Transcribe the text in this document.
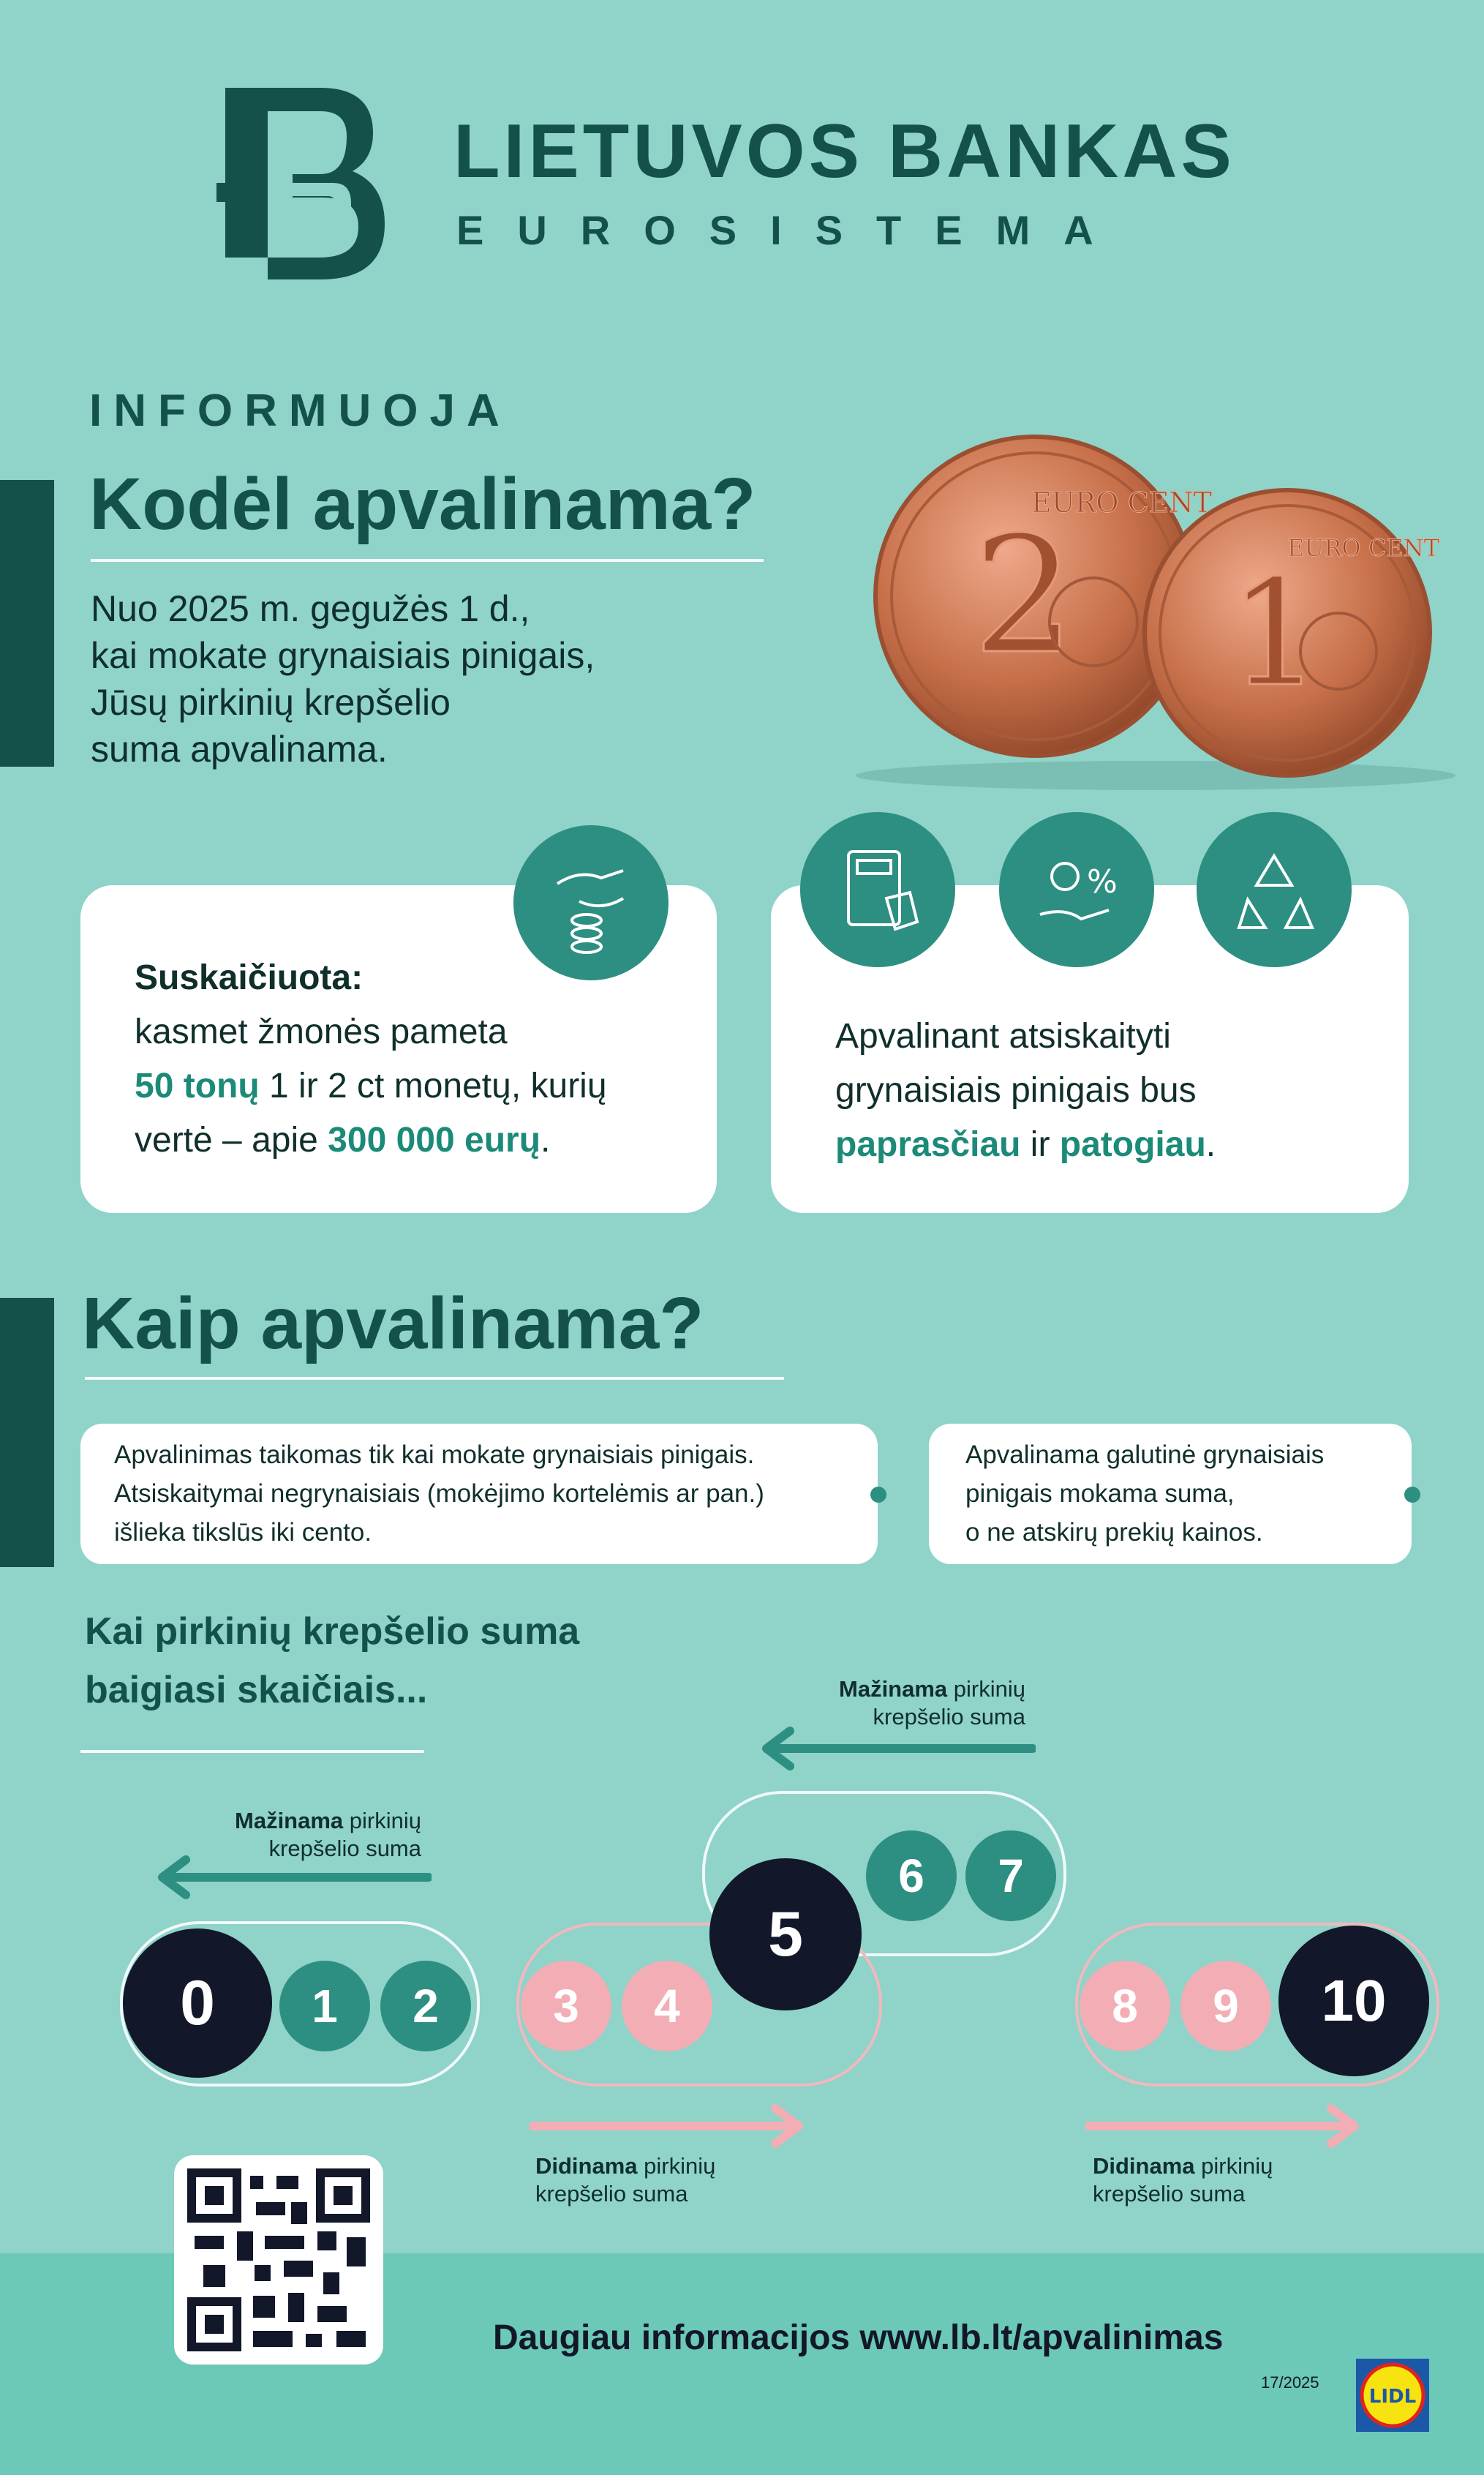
LIETUVOS BANKAS
EUROSISTEMA
INFORMUOJA
Kodėl apvalinama?
Nuo 2025 m. gegužės 1 d.,
kai mokate grynaisiais pinigais,
Jūsų pirkinių krepšelio
suma apvalinama.
2
EURO CENT
1
EURO CENT
Suskaičiuota:
kasmet žmonės pameta
50 tonų 1 ir 2 ct monetų, kurių
vertė – apie 300 000 eurų.
%
Apvalinant atsiskaityti
grynaisiais pinigais bus
paprasčiau ir patogiau.
Kaip apvalinama?
Apvalinimas taikomas tik kai mokate grynaisiais pinigais.
Atsiskaitymai negrynaisiais (mokėjimo kortelėmis ar pan.)
išlieka tikslūs iki cento.
Apvalinama galutinė grynaisiais
pinigais mokama suma,
o ne atskirų prekių kainos.
Kai pirkinių krepšelio suma
baigiasi skaičiais...
Mažinama pirkinių
krepšelio suma
0	1	2
Mažinama pirkinių
krepšelio suma
3	4
5
6	7
Didinama pirkinių
krepšelio suma
8	9	10
Didinama pirkinių
krepšelio suma
Daugiau informacijos www.lb.lt/apvalinimas
17/2025
LIDL
